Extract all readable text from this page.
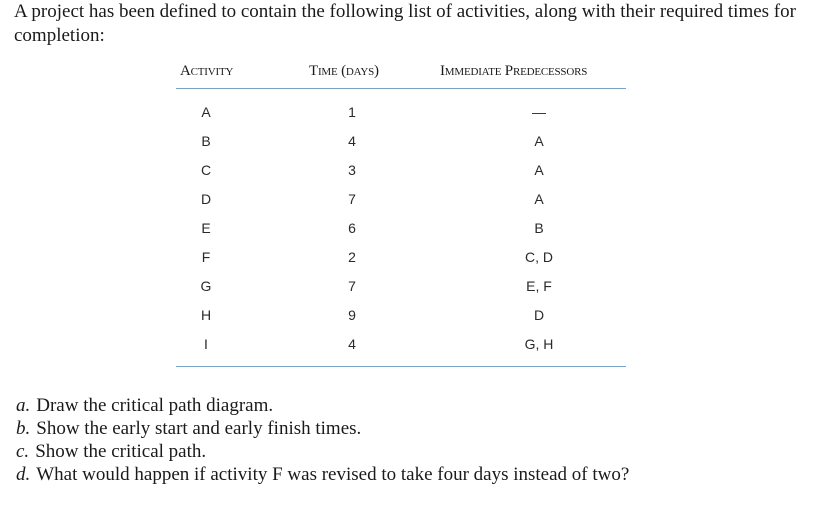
A project has been defined to contain the following list of activities, along with their required times for completion:

Activity	Time (days)	Immediate Predecessors
A	1	—
B	4	A
C	3	A
D	7	A
E	6	B
F	2	C, D
G	7	E, F
H	9	D
I	4	G, H
a. Draw the critical path diagram.
b. Show the early start and early finish times.
c. Show the critical path.
d. What would happen if activity F was revised to take four days instead of two?
